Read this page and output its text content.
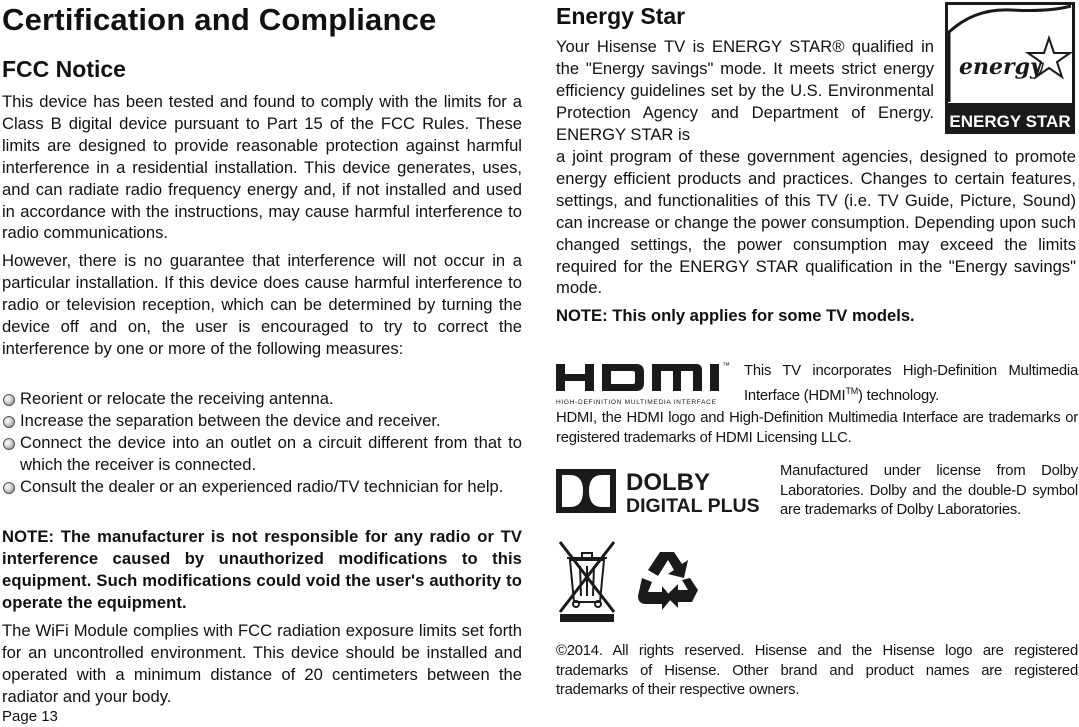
Certification and Compliance
FCC Notice
This device has been tested and found to comply with the limits for a Class B digital device pursuant to Part 15 of the FCC Rules. These limits are designed to provide reasonable protection against harmful interference in a residential installation. This device generates, uses, and can radiate radio frequency energy and, if not installed and used in accordance with the instructions, may cause harmful interference to radio communications.
However, there is no guarantee that interference will not occur in a particular installation. If this device does cause harmful interference to radio or television reception, which can be determined by turning the device off and on, the user is encouraged to try to correct the interference by one or more of the following measures:
Reorient or relocate the receiving antenna.
Increase the separation between the device and receiver.
Connect the device into an outlet on a circuit different from that to which the receiver is connected.
Consult the dealer or an experienced radio/TV technician for help.
NOTE: The manufacturer is not responsible for any radio or TV interference caused by unauthorized modifications to this equipment. Such modifications could void the user's authority to operate the equipment.
The WiFi Module complies with FCC radiation exposure limits set forth for an uncontrolled environment. This device should be installed and operated with a minimum distance of 20 centimeters between the radiator and your body.
Page 13
Energy Star
energy
ENERGY STAR
Your Hisense TV is ENERGY STAR® qualified in the "Energy savings" mode. It meets strict energy efficiency guidelines set by the U.S. Environmental Protection Agency and Department of Energy. ENERGY STAR is
a joint program of these government agencies, designed to promote energy efficient products and practices. Changes to certain features, settings, and functionalities of this TV (i.e. TV Guide, Picture, Sound) can increase or change the power consumption. Depending upon such changed settings, the power consumption may exceed the limits required for the ENERGY STAR qualification in the "Energy savings" mode.
NOTE: This only applies for some TV models.
™
HIGH-DEFINITION MULTIMEDIA INTERFACE
This TV incorporates High-Definition Multimedia Interface (HDMI™) technology.
HDMI, the HDMI logo and High-Definition Multimedia Interface are trademarks or registered trademarks of HDMI Licensing LLC.
DOLBY
DIGITAL PLUS
Manufactured under license from Dolby Laboratories. Dolby and the double-D symbol are trademarks of Dolby Laboratories.
©2014. All rights reserved. Hisense and the Hisense logo are registered trademarks of Hisense. Other brand and product names are registered trademarks of their respective owners.
